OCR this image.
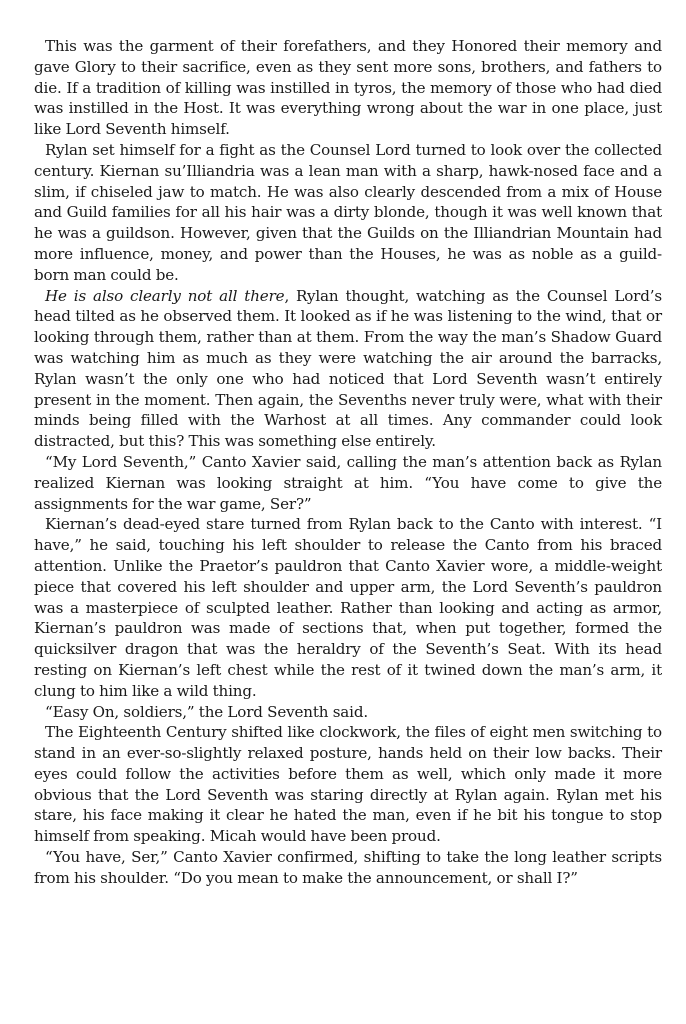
This was the garment of their forefathers, and they Honored their memory and gave Glory to their sacrifice, even as they sent more sons, brothers, and fathers to die. If a tradition of killing was instilled in tyros, the memory of those who had died was instilled in the Host. It was everything wrong about the war in one place, just like Lord Seventh himself.

Rylan set himself for a fight as the Counsel Lord turned to look over the collected century. Kiernan su’Illiandria was a lean man with a sharp, hawk-nosed face and a slim, if chiseled jaw to match. He was also clearly descended from a mix of House and Guild families for all his hair was a dirty blonde, though it was well known that he was a guildson. However, given that the Guilds on the Illiandrian Mountain had more influence, money, and power than the Houses, he was as noble as a guild-born man could be.

He is also clearly not all there, Rylan thought, watching as the Counsel Lord’s head tilted as he observed them. It looked as if he was listening to the wind, that or looking through them, rather than at them. From the way the man’s Shadow Guard was watching him as much as they were watching the air around the barracks, Rylan wasn’t the only one who had noticed that Lord Seventh wasn’t entirely present in the moment. Then again, the Sevenths never truly were, what with their minds being filled with the Warhost at all times. Any commander could look distracted, but this? This was something else entirely.

“My Lord Seventh,” Canto Xavier said, calling the man’s attention back as Rylan realized Kiernan was looking straight at him. “You have come to give the assignments for the war game, Ser?”

Kiernan’s dead-eyed stare turned from Rylan back to the Canto with interest. “I have,” he said, touching his left shoulder to release the Canto from his braced attention. Unlike the Praetor’s pauldron that Canto Xavier wore, a middle-weight piece that covered his left shoulder and upper arm, the Lord Seventh’s pauldron was a masterpiece of sculpted leather. Rather than looking and acting as armor, Kiernan’s pauldron was made of sections that, when put together, formed the quicksilver dragon that was the heraldry of the Seventh’s Seat. With its head resting on Kiernan’s left chest while the rest of it twined down the man’s arm, it clung to him like a wild thing.

“Easy On, soldiers,” the Lord Seventh said.

The Eighteenth Century shifted like clockwork, the files of eight men switching to stand in an ever-so-slightly relaxed posture, hands held on their low backs. Their eyes could follow the activities before them as well, which only made it more obvious that the Lord Seventh was staring directly at Rylan again. Rylan met his stare, his face making it clear he hated the man, even if he bit his tongue to stop himself from speaking. Micah would have been proud.

“You have, Ser,” Canto Xavier confirmed, shifting to take the long leather scripts from his shoulder. “Do you mean to make the announcement, or shall I?”
